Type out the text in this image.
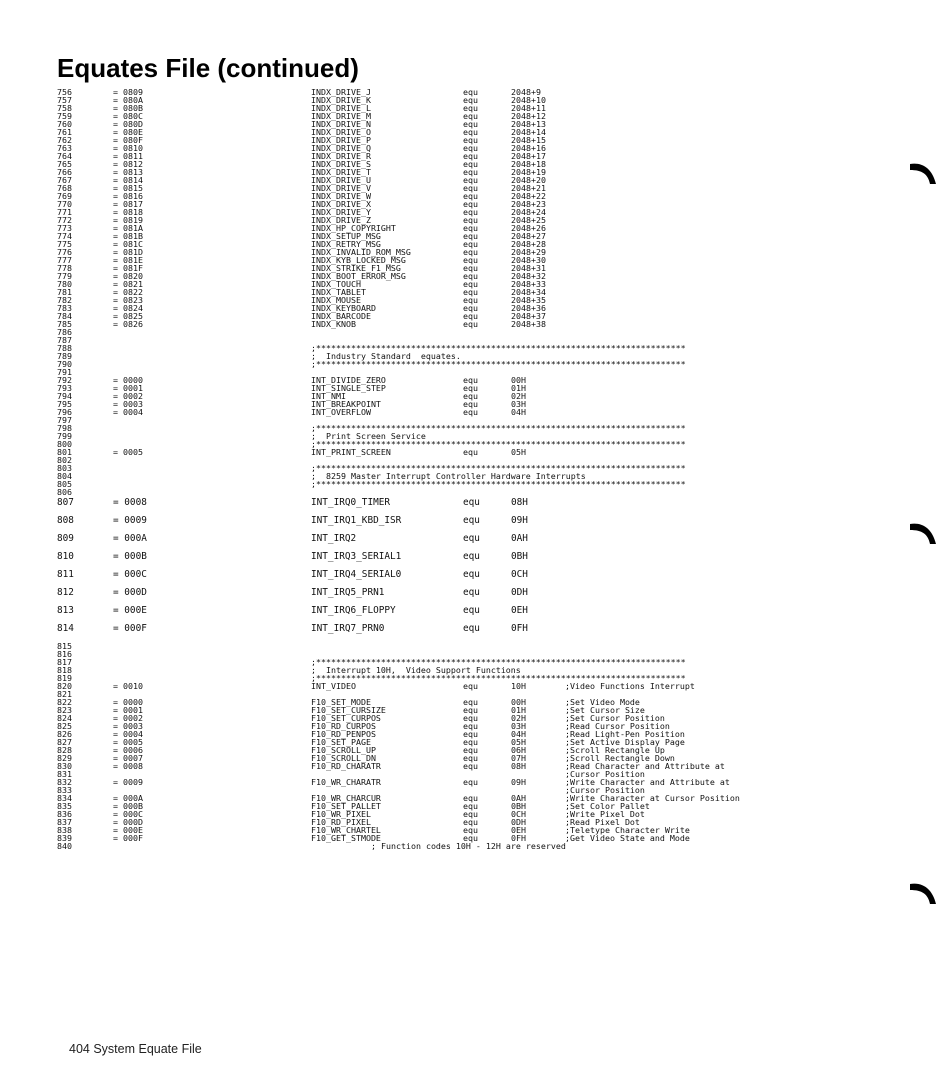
Equates File (continued)
756	= 0809	INDX_DRIVE_J	equ	2048+9
757	= 080A	INDX_DRIVE_K	equ	2048+10
758	= 080B	INDX_DRIVE_L	equ	2048+11
759	= 080C	INDX_DRIVE_M	equ	2048+12
760	= 080D	INDX_DRIVE_N	equ	2048+13
761	= 080E	INDX_DRIVE_O	equ	2048+14
762	= 080F	INDX_DRIVE_P	equ	2048+15
763	= 0810	INDX_DRIVE_Q	equ	2048+16
764	= 0811	INDX_DRIVE_R	equ	2048+17
765	= 0812	INDX_DRIVE_S	equ	2048+18
766	= 0813	INDX_DRIVE_T	equ	2048+19
767	= 0814	INDX_DRIVE_U	equ	2048+20
768	= 0815	INDX_DRIVE_V	equ	2048+21
769	= 0816	INDX_DRIVE_W	equ	2048+22
770	= 0817	INDX_DRIVE_X	equ	2048+23
771	= 0818	INDX_DRIVE_Y	equ	2048+24
772	= 0819	INDX_DRIVE_Z	equ	2048+25
773	= 081A	INDX_HP_COPYRIGHT	equ	2048+26
774	= 081B	INDX_SETUP_MSG	equ	2048+27
775	= 081C	INDX_RETRY_MSG	equ	2048+28
776	= 081D	INDX_INVALID_ROM_MSG	equ	2048+29
777	= 081E	INDX_KYB_LOCKED_MSG	equ	2048+30
778	= 081F	INDX_STRIKE_F1_MSG	equ	2048+31
779	= 0820	INDX_BOOT_ERROR_MSG	equ	2048+32
780	= 0821	INDX_TOUCH	equ	2048+33
781	= 0822	INDX_TABLET	equ	2048+34
782	= 0823	INDX_MOUSE	equ	2048+35
783	= 0824	INDX_KEYBOARD	equ	2048+36
784	= 0825	INDX_BARCODE	equ	2048+37
785	= 0826	INDX_KNOB	equ	2048+38
786
787
788	;**************************************************************************
789	;  Industry Standard  equates.
790	;**************************************************************************
791
792	= 0000	INT_DIVIDE_ZERO	equ	00H
793	= 0001	INT_SINGLE_STEP	equ	01H
794	= 0002	INT_NMI	equ	02H
795	= 0003	INT_BREAKPOINT	equ	03H
796	= 0004	INT_OVERFLOW	equ	04H
797
798	;**************************************************************************
799	;  Print Screen Service
800	;**************************************************************************
801	= 0005	INT_PRINT_SCREEN	equ	05H
802
803	;**************************************************************************
804	;  8259 Master Interrupt Controller Hardware Interrupts
805	;**************************************************************************
806
807	= 0008	INT_IRQ0_TIMER	equ	08H
808	= 0009	INT_IRQ1_KBD_ISR	equ	09H
809	= 000A	INT_IRQ2	equ	0AH
810	= 000B	INT_IRQ3_SERIAL1	equ	0BH
811	= 000C	INT_IRQ4_SERIAL0	equ	0CH
812	= 000D	INT_IRQ5_PRN1	equ	0DH
813	= 000E	INT_IRQ6_FLOPPY	equ	0EH
814	= 000F	INT_IRQ7_PRN0	equ	0FH
815
816
817	;**************************************************************************
818	;  Interrupt 10H,  Video Support Functions
819	;**************************************************************************
820	= 0010	INT_VIDEO	equ	10H	;Video Functions Interrupt
821
822	= 0000	F10_SET_MODE	equ	00H	;Set Video Mode
823	= 0001	F10_SET_CURSIZE	equ	01H	;Set Cursor Size
824	= 0002	F10_SET_CURPOS	equ	02H	;Set Cursor Position
825	= 0003	F10_RD_CURPOS	equ	03H	;Read Cursor Position
826	= 0004	F10_RD_PENPOS	equ	04H	;Read Light-Pen Position
827	= 0005	F10_SET_PAGE	equ	05H	;Set Active Display Page
828	= 0006	F10_SCROLL_UP	equ	06H	;Scroll Rectangle Up
829	= 0007	F10_SCROLL_DN	equ	07H	;Scroll Rectangle Down
830	= 0008	F10_RD_CHARATR	equ	08H	;Read Character and Attribute at
831	;Cursor Position
832	= 0009	F10_WR_CHARATR	equ	09H	;Write Character and Attribute at
833	;Cursor Position
834	= 000A	F10_WR_CHARCUR	equ	0AH	;Write Character at Cursor Position
835	= 000B	F10_SET_PALLET	equ	0BH	;Set Color Pallet
836	= 000C	F10_WR_PIXEL	equ	0CH	;Write Pixel Dot
837	= 000D	F10_RD_PIXEL	equ	0DH	;Read Pixel Dot
838	= 000E	F10_WR_CHARTEL	equ	0EH	;Teletype Character Write
839	= 000F	F10_GET_STMODE	equ	0FH	;Get Video State and Mode
840	; Function codes 10H - 12H are reserved
404 System Equate File
